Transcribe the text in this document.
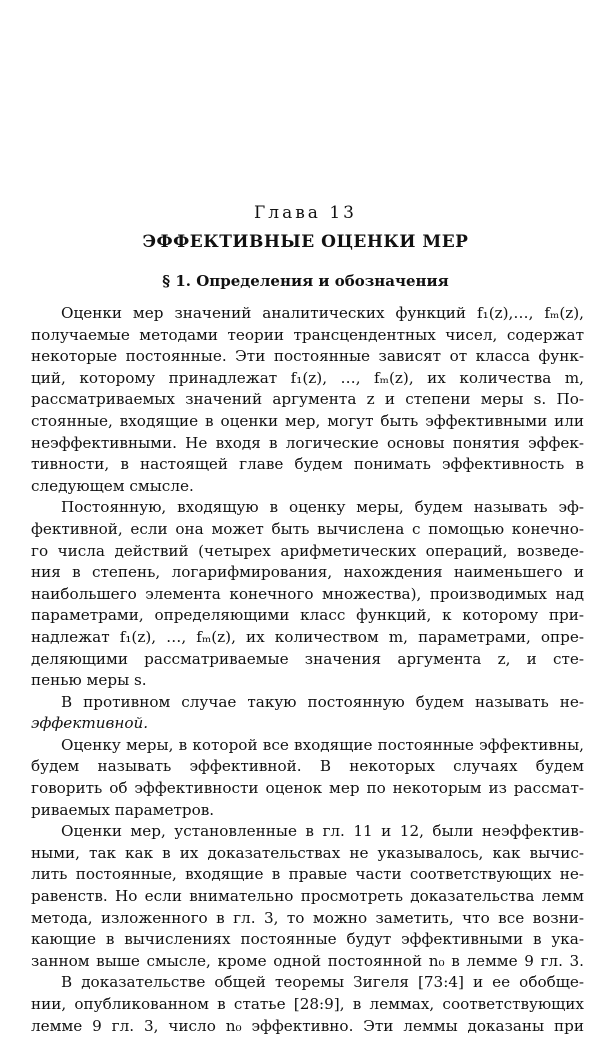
Глава 13
ЭФФЕКТИВНЫЕ ОЦЕНКИ МЕР
§ 1. Определения и обозначения
Оценки мер значений аналитических функций f₁(z),…, fₘ(z),
получаемые методами теории трансцендентных чисел, содержат
некоторые постоянные. Эти постоянные зависят от класса функ-
ций, которому принадлежат f₁(z), …, fₘ(z), их количества m,
рассматриваемых значений аргумента z и степени меры s. По-
стоянные, входящие в оценки мер, могут быть эффективными или
неэффективными. Не входя в логические основы понятия эффек-
тивности, в настоящей главе будем понимать эффективность в
следующем смысле.
Постоянную, входящую в оценку меры, будем называть эф-
фективной, если она может быть вычислена с помощью конечно-
го числа действий (четырех арифметических операций, возведе-
ния в степень, логарифмирования, нахождения наименьшего и
наибольшего элемента конечного множества), производимых над
параметрами, определяющими класс функций, к которому при-
надлежат f₁(z), …, fₘ(z), их количеством m, параметрами, опре-
деляющими рассматриваемые значения аргумента z, и сте-
пенью меры s.
В противном случае такую постоянную будем называть не-
эффективной.
Оценку меры, в которой все входящие постоянные эффективны,
будем называть эффективной. В некоторых случаях будем
говорить об эффективности оценок мер по некоторым из рассмат-
риваемых параметров.
Оценки мер, установленные в гл. 11 и 12, были неэффектив-
ными, так как в их доказательствах не указывалось, как вычис-
лить постоянные, входящие в правые части соответствующих не-
равенств. Но если внимательно просмотреть доказательства лемм
метода, изложенного в гл. 3, то можно заметить, что все возни-
кающие в вычислениях постоянные будут эффективными в ука-
занном выше смысле, кроме одной постоянной n₀ в лемме 9 гл. 3.
В доказательстве общей теоремы Зигеля [73:4] и ее обобще-
нии, опубликованном в статье [28:9], в леммах, соответствующих
лемме 9 гл. 3, число n₀ эффективно. Эти леммы доказаны при
